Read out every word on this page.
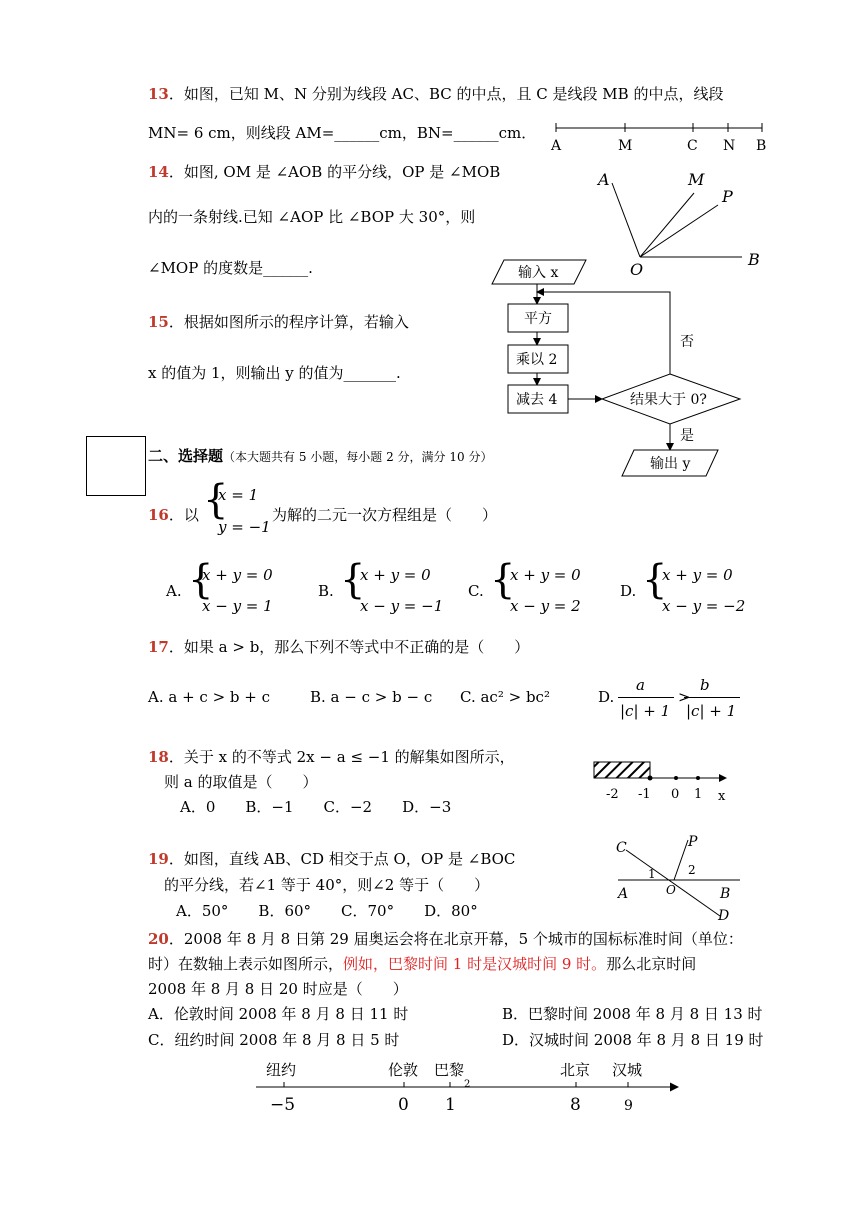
13．如图，已知 M、N 分别为线段 AC、BC 的中点，且 C 是线段 MB 的中点，线段
MN= 6 cm，则线段 AM=______cm，BN=______cm．
A	M	C N B
14．如图, OM 是 ∠AOB 的平分线，OP 是 ∠MOB
内的一条射线.已知 ∠AOP 比 ∠BOP 大 30°，则
∠MOP 的度数是______.
A	M
P
B
O
15．根据如图所示的程序计算，若输入
x 的值为 1，则输出 y 的值为_______.
输入 x
平方
乘以 2
减去 4	结果大于 0?
否
是
输出 y
二、选择题（本大题共有 5 小题，每小题 2 分，满分 10 分）
16．以 {
x = 1
y = −1
为解的二元一次方程组是（　　）
A. {
x + y = 0
x − y = 1
B. {
x + y = 0
x − y = −1
C. {
x + y = 0
x − y = 2
D. {
x + y = 0
x − y = −2
17．如果 a > b，那么下列不等式中不正确的是（　　）
A. a + c > b + c	B. a − c > b − c C. ac² > bc²	D.
a
|c| + 1
>
b
|c| + 1
18．关于 x 的不等式 2x − a ≤ −1 的解集如图所示，
则 a 的取值是（　　）
A．0　　B．−1　　C．−2　　D．−3
-2 -1 0 1 x
19．如图，直线 AB、CD 相交于点 O，OP 是 ∠BOC
的平分线，若∠1 等于 40°，则∠2 等于（　　）
A．50°　　B．60°　　C．70°　　D．80°
C	P
A	O	B
D
1	2
20．2008 年 8 月 8 日第 29 届奥运会将在北京开幕，5 个城市的国标标准时间（单位：
时）在数轴上表示如图所示，例如，巴黎时间 1 时是汉城时间 9 时。那么北京时间
2008 年 8 月 8 日 20 时应是（　　）
A．伦敦时间 2008 年 8 月 8 日 11 时	B．巴黎时间 2008 年 8 月 8 日 13 时
C．纽约时间 2008 年 8 月 8 日 5 时	D．汉城时间 2008 年 8 月 8 日 19 时
纽约	伦敦 巴黎	北京 汉城
2
−5	0 1	8	9
